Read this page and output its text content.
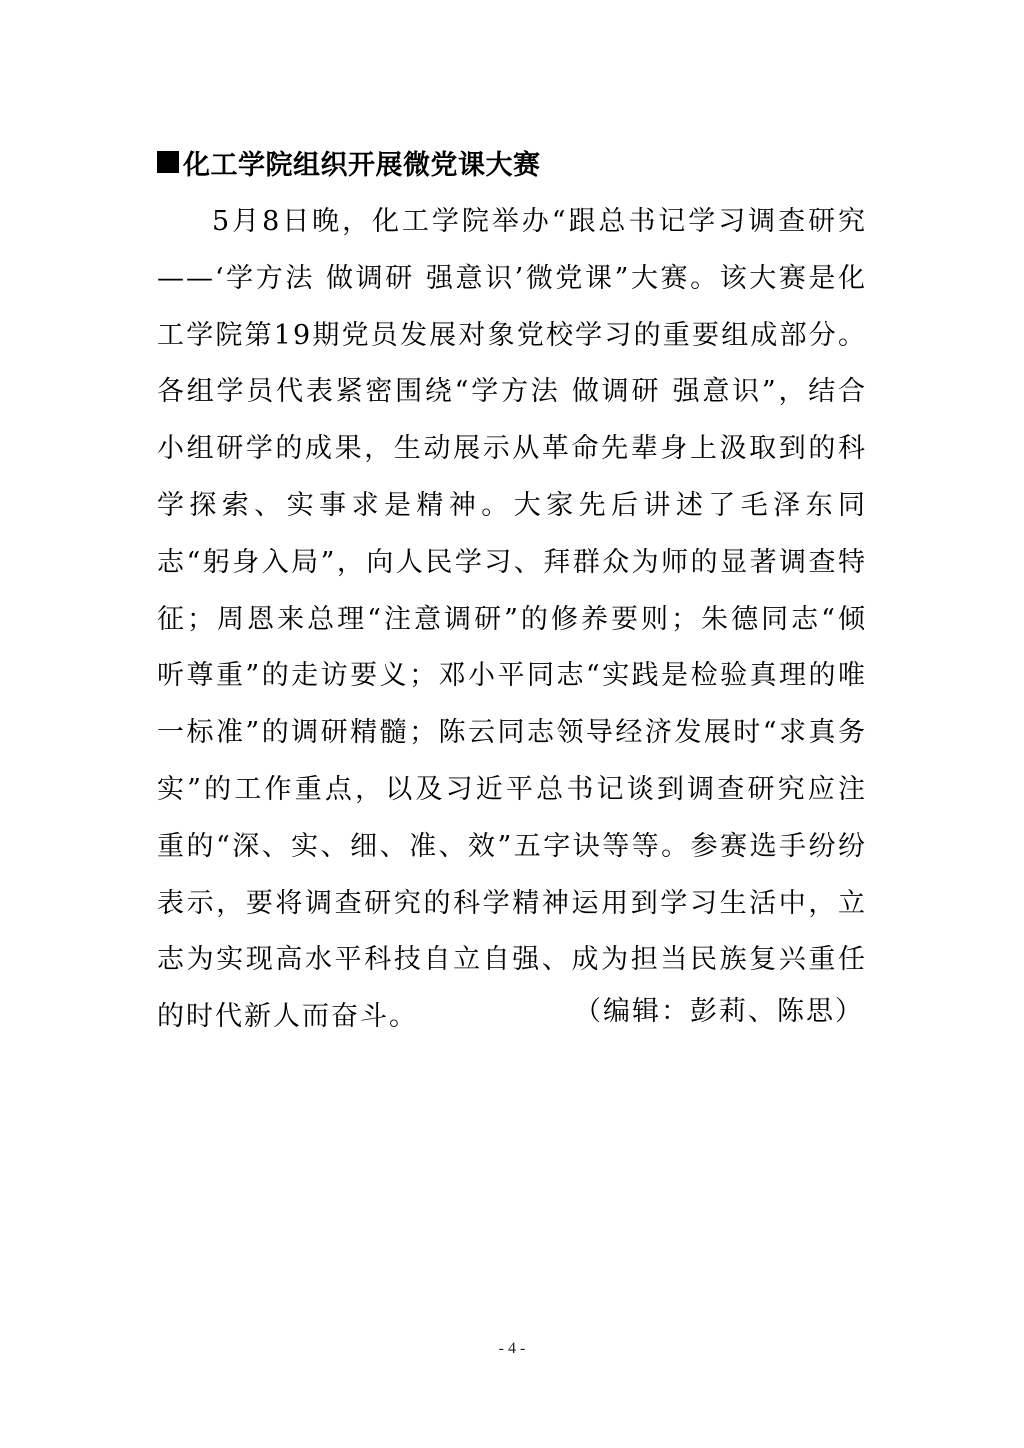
化工学院组织开展微党课大赛

5月8日晚，化工学院举办“跟总书记学习调查研究——‘学方法 做调研 强意识’微党课”大赛。该大赛是化工学院第19期党员发展对象党校学习的重要组成部分。各组学员代表紧密围绕“学方法 做调研 强意识”，结合小组研学的成果，生动展示从革命先辈身上汲取到的科学探索、实事求是精神。大家先后讲述了毛泽东同志“躬身入局”，向人民学习、拜群众为师的显著调查特征；周恩来总理“注意调研”的修养要则；朱德同志“倾听尊重”的走访要义；邓小平同志“实践是检验真理的唯一标准”的调研精髓；陈云同志领导经济发展时“求真务实”的工作重点，以及习近平总书记谈到调查研究应注重的“深、实、细、准、效”五字诀等等。参赛选手纷纷表示，要将调查研究的科学精神运用到学习生活中，立志为实现高水平科技自立自强、成为担当民族复兴重任的时代新人而奋斗。	（编辑：彭莉、陈思）
- 4 -
